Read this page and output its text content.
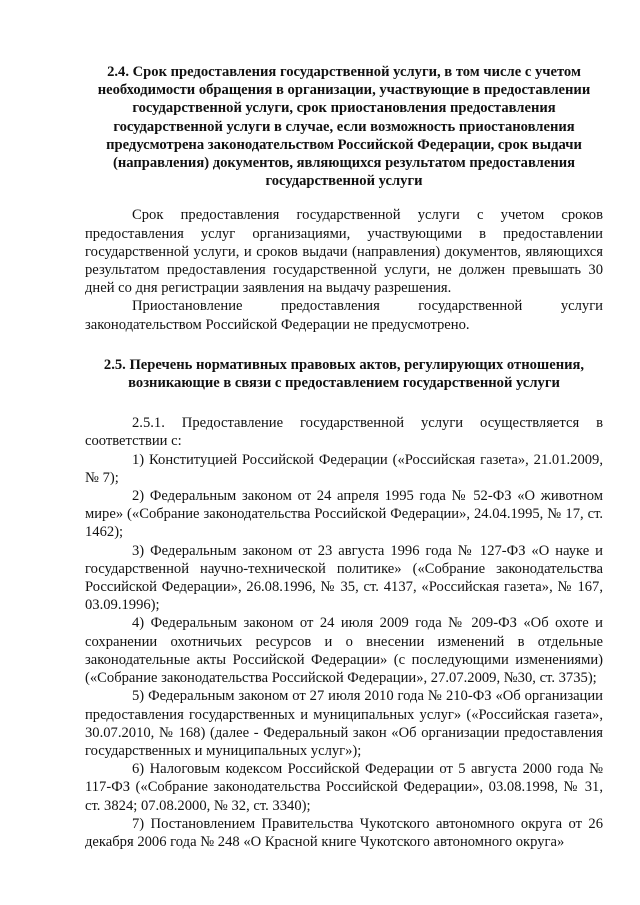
2.4. Срок предоставления государственной услуги, в том числе с учетом необходимости обращения в организации, участвующие в предоставлении государственной услуги, срок приостановления предоставления государственной услуги в случае, если возможность приостановления предусмотрена законодательством Российской Федерации, срок выдачи (направления) документов, являющихся результатом предоставления государственной услуги

Срок предоставления государственной услуги с учетом сроков предоставления услуг организациями, участвующими в предоставлении государственной услуги, и сроков выдачи (направления) документов, являющихся результатом предоставления государственной услуги, не должен превышать 30 дней со дня регистрации заявления на выдачу разрешения.

Приостановление предоставления государственной услуги законодательством Российской Федерации не предусмотрено.

2.5. Перечень нормативных правовых актов, регулирующих отношения, возникающие в связи с предоставлением государственной услуги

2.5.1. Предоставление государственной услуги осуществляется в соответствии с:

1) Конституцией Российской Федерации («Российская газета», 21.01.2009, № 7);

2) Федеральным законом от 24 апреля 1995 года № 52-ФЗ «О животном мире» («Собрание законодательства Российской Федерации», 24.04.1995, № 17, ст. 1462);

3) Федеральным законом от 23 августа 1996 года № 127-ФЗ «О науке и государственной научно-технической политике» («Собрание законодательства Российской Федерации», 26.08.1996, № 35, ст. 4137, «Российская газета», № 167, 03.09.1996);

4) Федеральным законом от 24 июля 2009 года № 209-ФЗ «Об охоте и сохранении охотничьих ресурсов и о внесении изменений в отдельные законодательные акты Российской Федерации» (с последующими изменениями) («Собрание законодательства Российской Федерации», 27.07.2009, №30, ст. 3735);

5) Федеральным законом от 27 июля 2010 года № 210-ФЗ «Об организации предоставления государственных и муниципальных услуг» («Российская газета», 30.07.2010, № 168) (далее - Федеральный закон «Об организации предоставления государственных и муниципальных услуг»);

6) Налоговым кодексом Российской Федерации от 5 августа 2000 года № 117-ФЗ («Собрание законодательства Российской Федерации», 03.08.1998, № 31, ст. 3824; 07.08.2000, № 32, ст. 3340);

7) Постановлением Правительства Чукотского автономного округа от 26 декабря 2006 года № 248 «О Красной книге Чукотского автономного округа»
